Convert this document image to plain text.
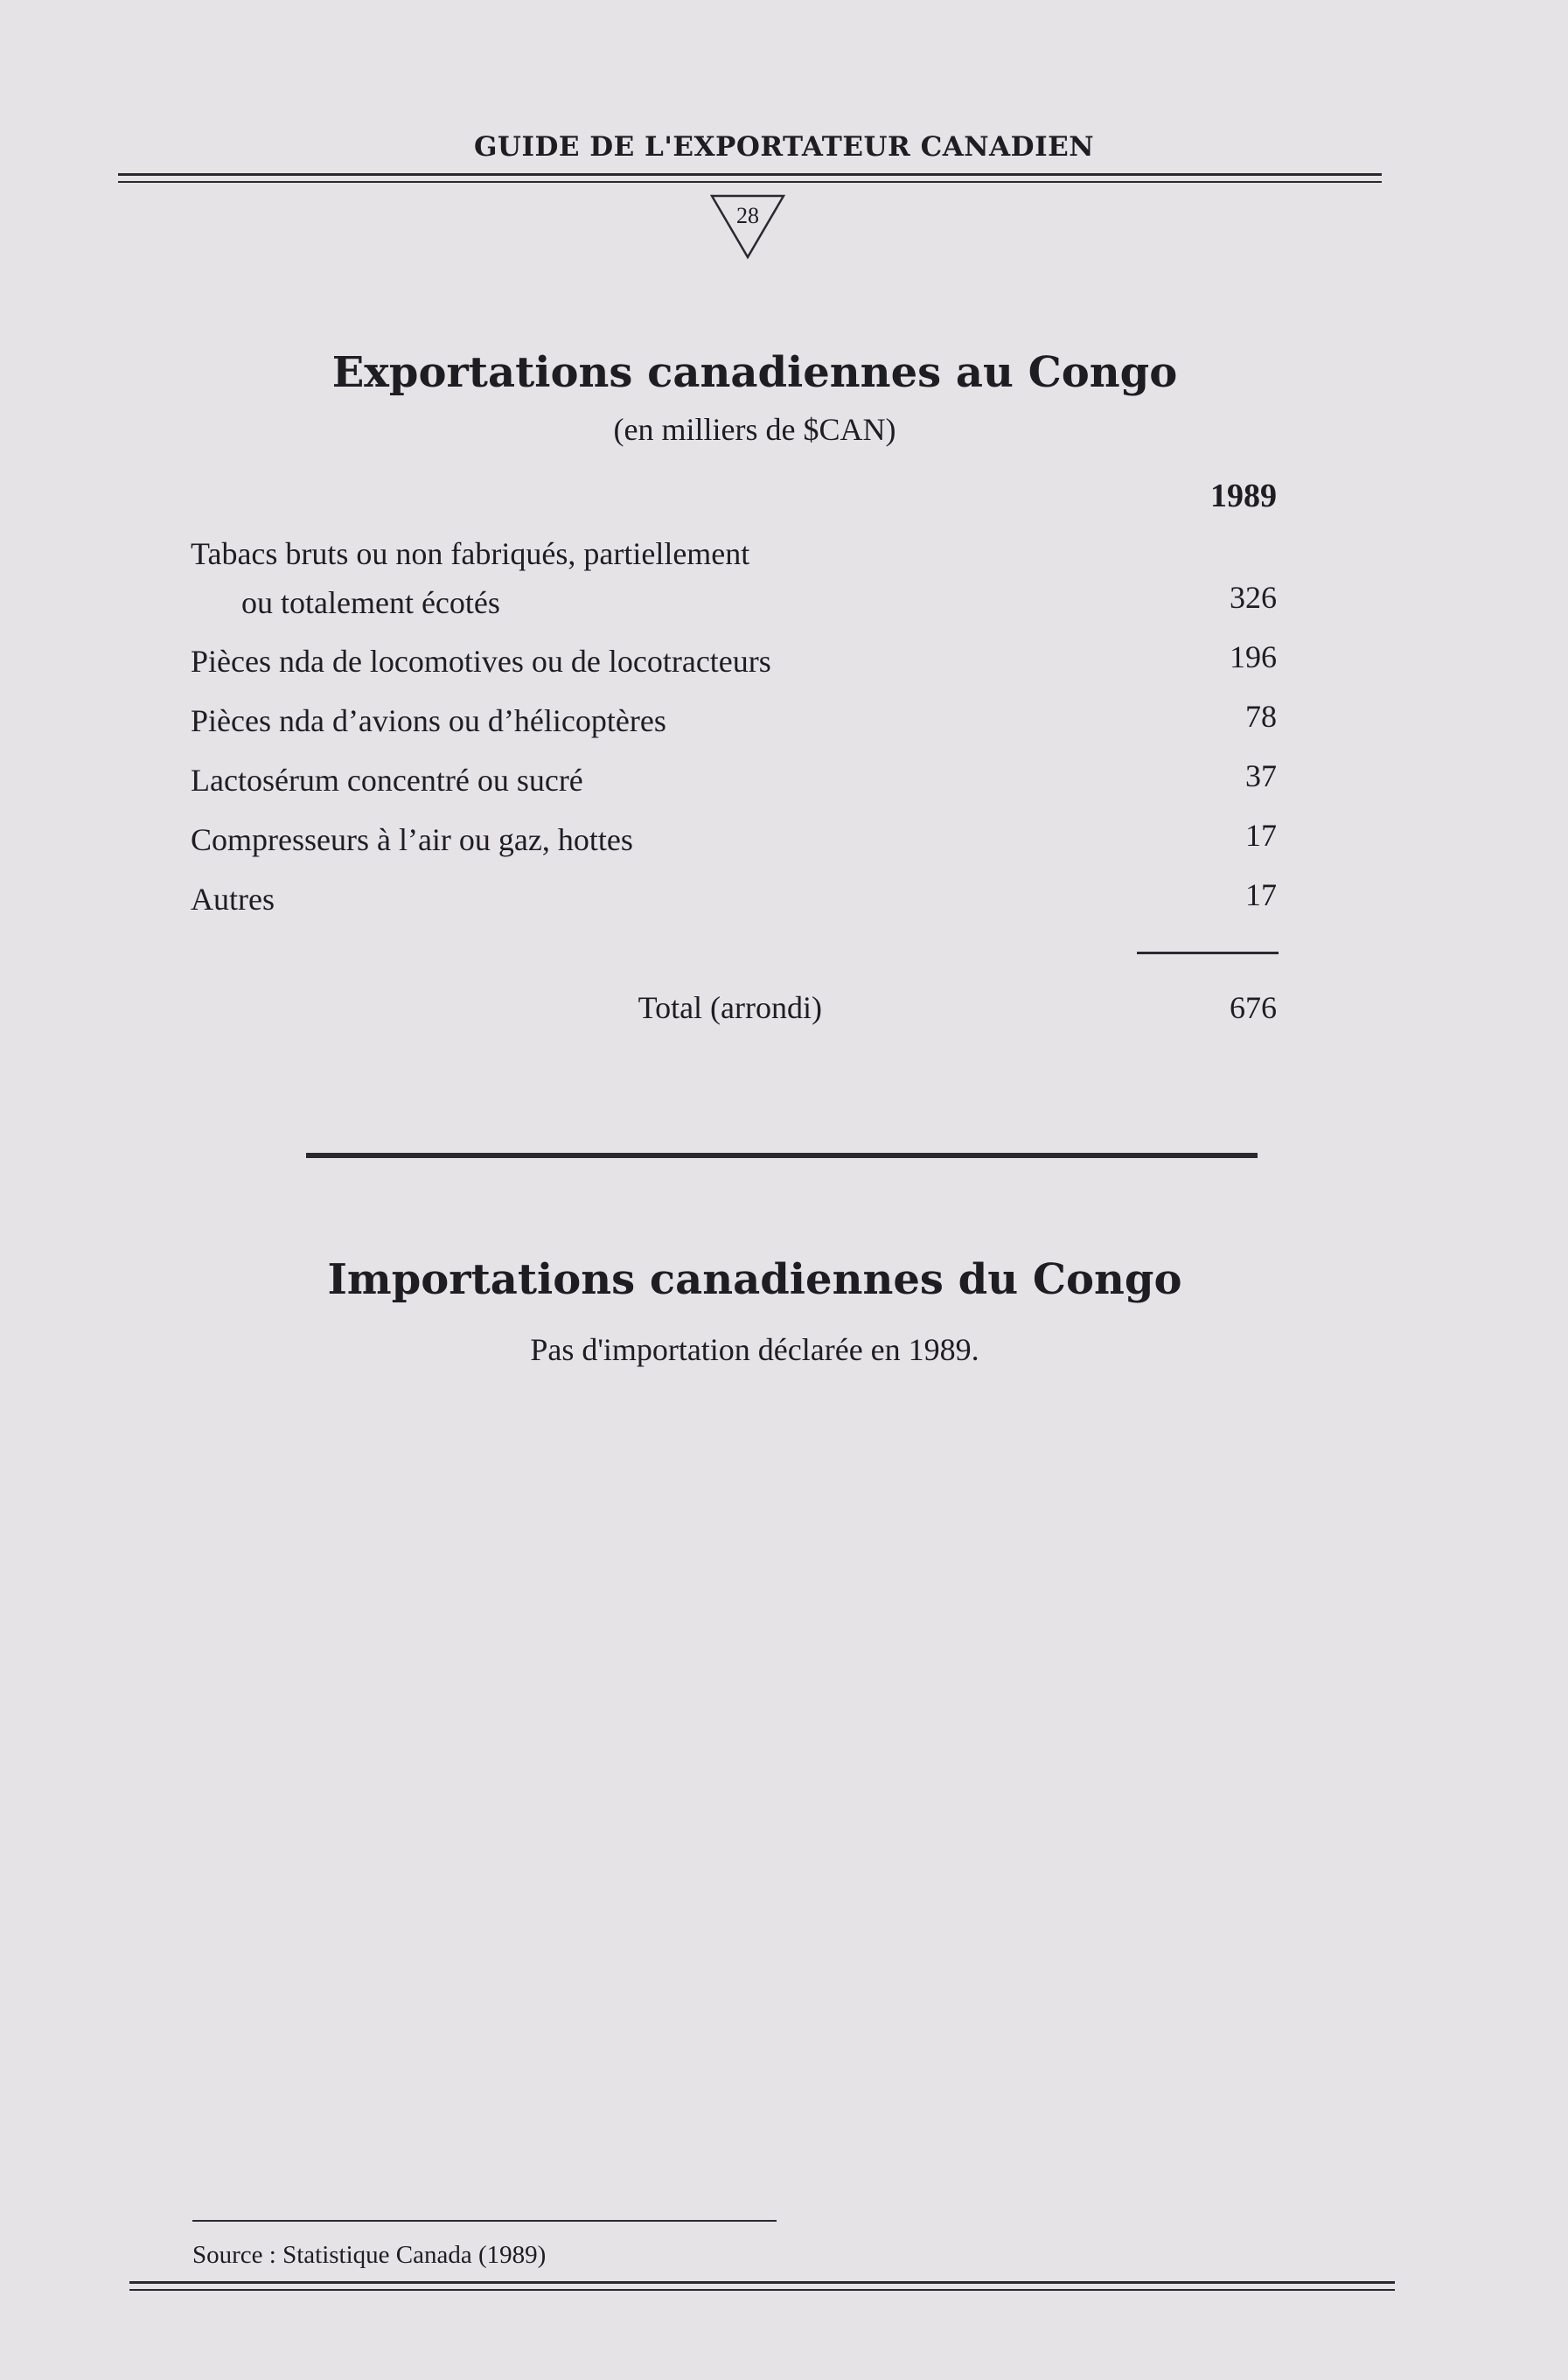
GUIDE DE L'EXPORTATEUR CANADIEN
28
Exportations canadiennes au Congo
(en milliers de $CAN)
1989
Tabacs bruts ou non fabriqués, partiellement
ou totalement écotés	326
Pièces nda de locomotives ou de locotracteurs	196
Pièces nda d’avions ou d’hélicoptères	78
Lactosérum concentré ou sucré	37
Compresseurs à l’air ou gaz, hottes	17
Autres	17
Total (arrondi)	676
Importations canadiennes du Congo
Pas d'importation déclarée en 1989.
Source : Statistique Canada (1989)
